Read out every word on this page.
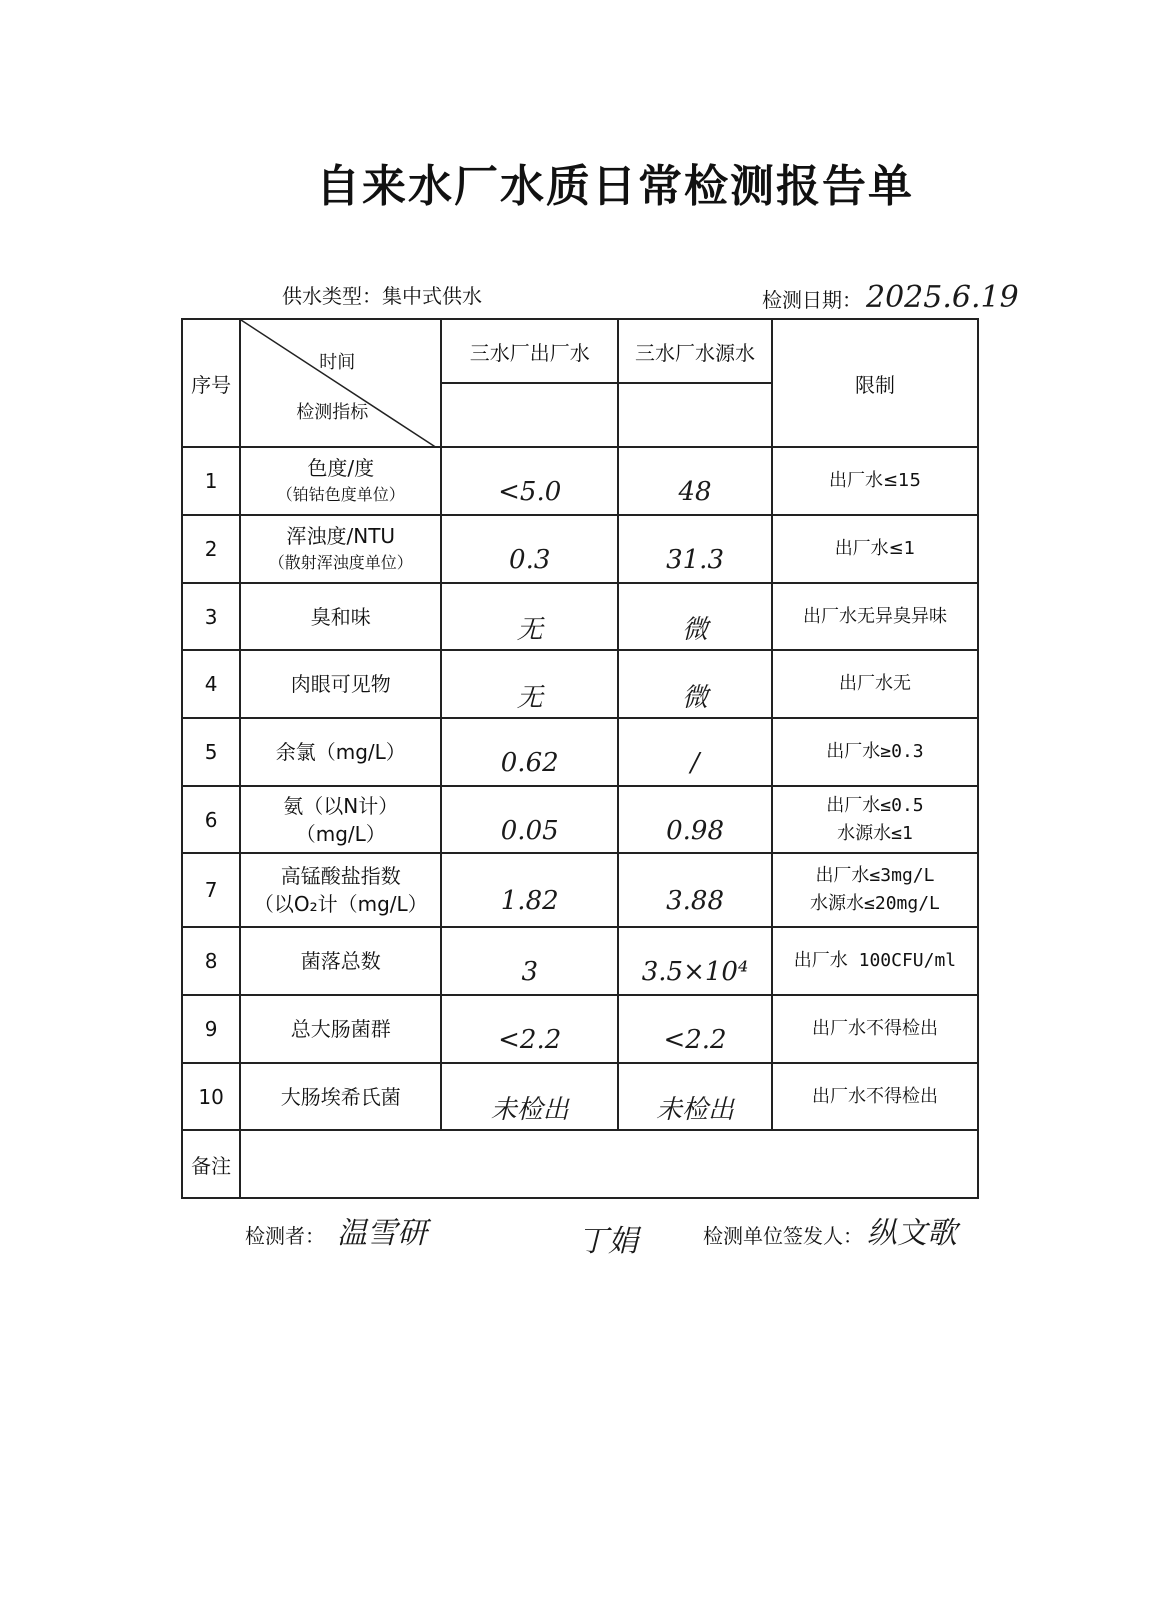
自来水厂水质日常检测报告单
供水类型：集中式供水	检测日期： 2025.6.19
序号	时间
检测指标	三水厂出厂水	三水厂水源水	限制

1	色度/度
（铂钴色度单位）	<5.0	48	出厂水≤15

2	浑浊度/NTU
（散射浑浊度单位）	0.3	31.3	出厂水≤1

3	臭和味	无	微	出厂水无异臭异味

4	肉眼可见物	无	微	出厂水无

5	余氯（mg/L）	0.62	/	出厂水≥0.3

6	氨（以N计）
（mg/L）	0.05	0.98	出厂水≤0.5
水源水≤1

7	高锰酸盐指数
（以O₂计（mg/L）	1.82	3.88	出厂水≤3mg/L
水源水≤20mg/L

8	菌落总数	3	3.5×10⁴	出厂水 100CFU/ml

9	总大肠菌群	<2.2	<2.2	出厂水不得检出

10	大肠埃希氏菌	未检出	未检出	出厂水不得检出

备注				
检测者： 温雪研	丁娟	检测单位签发人： 纵文歌
